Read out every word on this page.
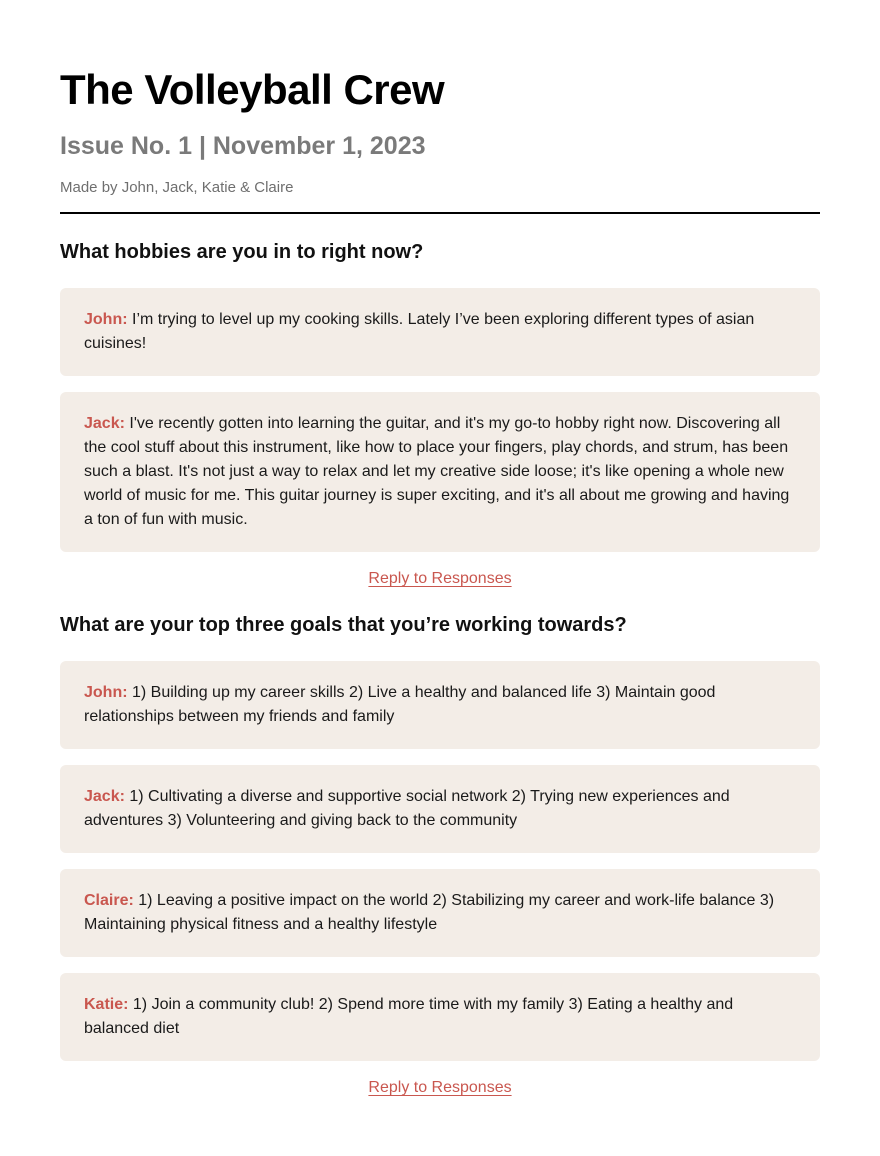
The Volleyball Crew
Issue No. 1 | November 1, 2023
Made by John, Jack, Katie & Claire
What hobbies are you in to right now?
John: I’m trying to level up my cooking skills. Lately I’ve been exploring different types of asian cuisines!
Jack: I've recently gotten into learning the guitar, and it's my go-to hobby right now. Discovering all the cool stuff about this instrument, like how to place your fingers, play chords, and strum, has been such a blast. It's not just a way to relax and let my creative side loose; it's like opening a whole new world of music for me. This guitar journey is super exciting, and it's all about me growing and having a ton of fun with music.
Reply to Responses
What are your top three goals that you’re working towards?
John: 1) Building up my career skills 2) Live a healthy and balanced life 3) Maintain good relationships between my friends and family
Jack: 1) Cultivating a diverse and supportive social network 2) Trying new experiences and adventures 3) Volunteering and giving back to the community
Claire: 1) Leaving a positive impact on the world 2) Stabilizing my career and work-life balance 3) Maintaining physical fitness and a healthy lifestyle
Katie: 1) Join a community club! 2) Spend more time with my family 3) Eating a healthy and balanced diet
Reply to Responses
